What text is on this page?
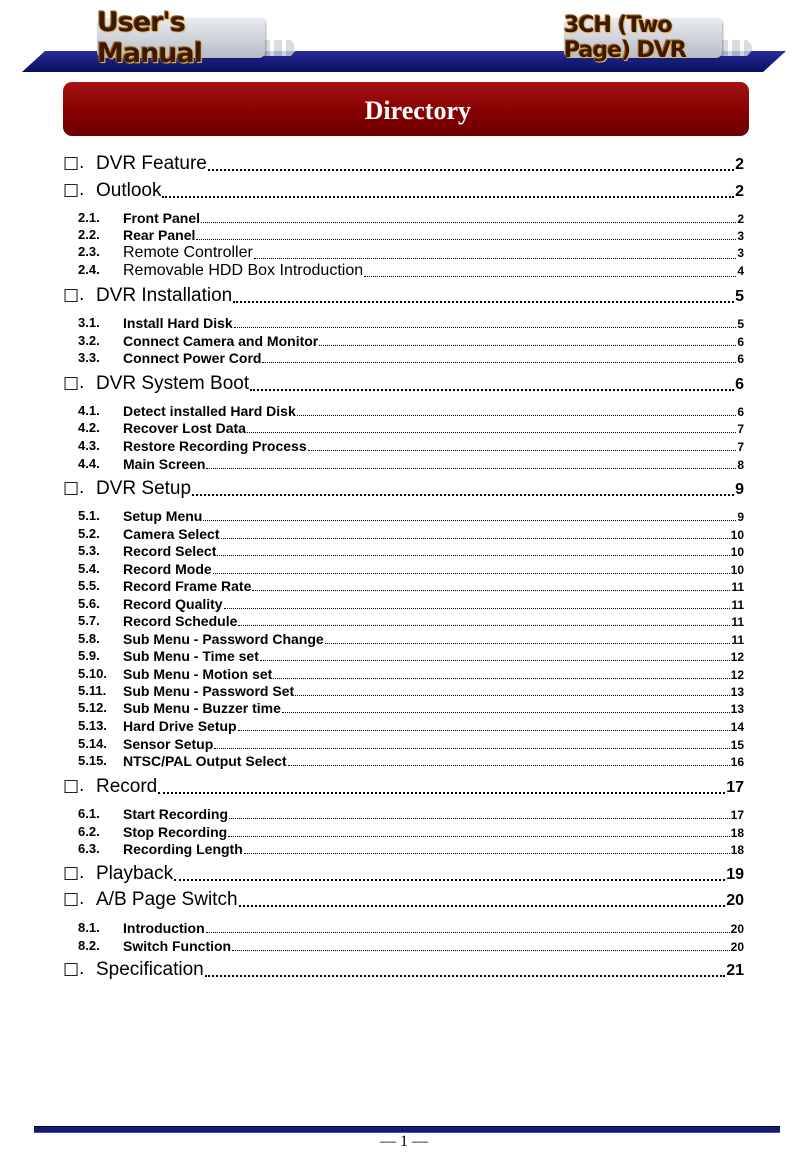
User's Manual
3CH (Two Page) DVR
Directory
□. DVR Feature	2
□. Outlook	2
2.1. Front Panel	2
2.2. Rear Panel	3
2.3. Remote Controller	3
2.4. Removable HDD Box Introduction	4
□. DVR Installation	5
3.1. Install Hard Disk	5
3.2. Connect Camera and Monitor	6
3.3. Connect Power Cord	6
□. DVR System Boot	6
4.1. Detect installed Hard Disk	6
4.2. Recover Lost Data	7
4.3. Restore Recording Process	7
4.4. Main Screen	8
□. DVR Setup	9
5.1. Setup Menu	9
5.2. Camera Select	10
5.3. Record Select	10
5.4. Record Mode	10
5.5. Record Frame Rate	11
5.6. Record Quality	11
5.7. Record Schedule	11
5.8. Sub Menu - Password Change	11
5.9. Sub Menu - Time set	12
5.10. Sub Menu - Motion set	12
5.11. Sub Menu - Password Set	13
5.12. Sub Menu - Buzzer time	13
5.13. Hard Drive Setup	14
5.14. Sensor Setup	15
5.15. NTSC/PAL Output Select	16
□. Record	17
6.1. Start Recording	17
6.2. Stop Recording	18
6.3. Recording Length	18
□. Playback	19
□. A/B Page Switch	20
8.1. Introduction	20
8.2. Switch Function	20
□. Specification	21
— 1 —
